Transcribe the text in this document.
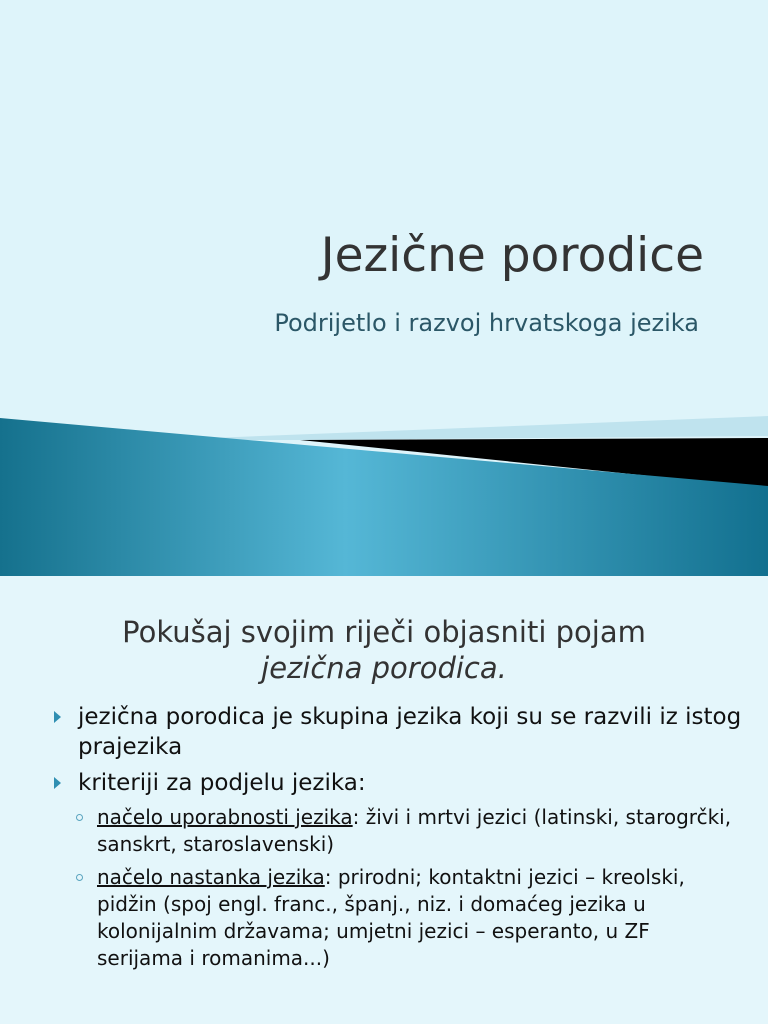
Jezične porodice
Podrijetlo i razvoj hrvatskoga jezika
Pokušaj svojim riječi objasniti pojam
jezična porodica.
jezična porodica je skupina jezika koji su se razvili iz istog prajezika
kriteriji za podjelu jezika:
načelo uporabnosti jezika: živi i mrtvi jezici (latinski, starogrčki, sanskrt, staroslavenski)
načelo nastanka jezika: prirodni; kontaktni jezici – kreolski, pidžin (spoj engl. franc., španj., niz. i domaćeg jezika u kolonijalnim državama; umjetni jezici – esperanto, u ZF serijama i romanima...)
